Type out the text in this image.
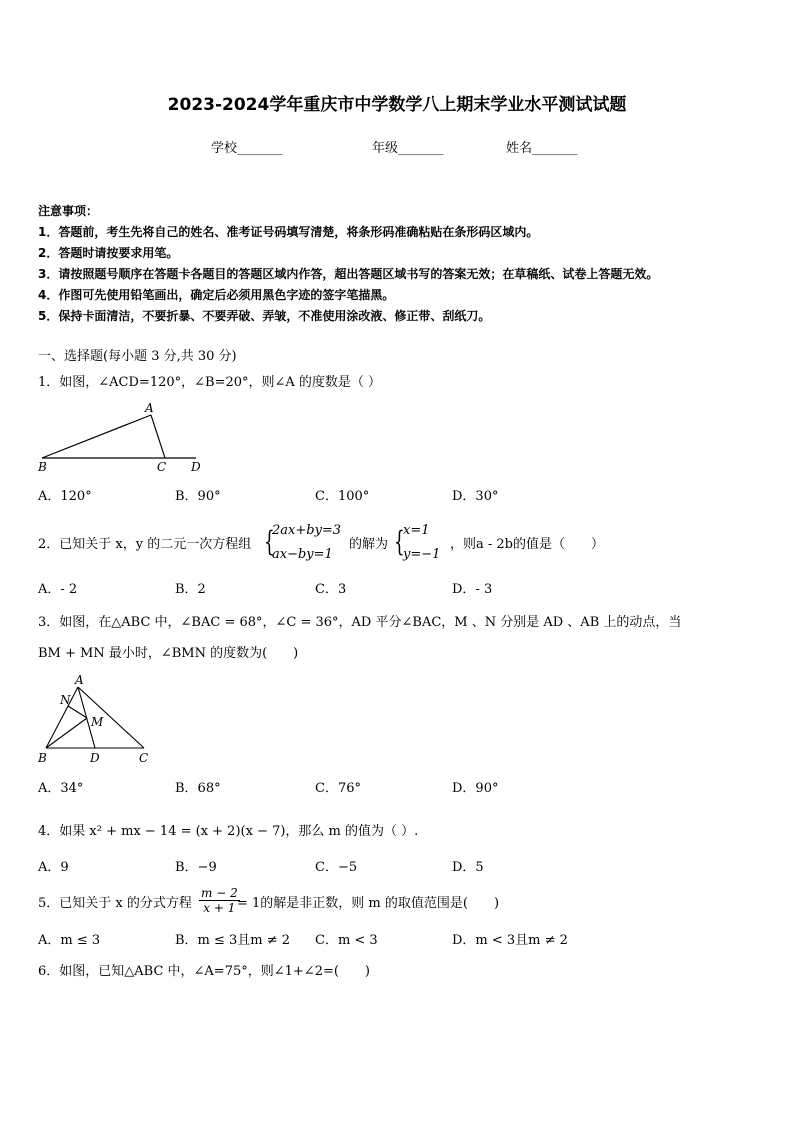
2023-2024学年重庆市中学数学八上期末学业水平测试试题
学校_______	年级_______	姓名_______
注意事项：
1．答题前，考生先将自己的姓名、准考证号码填写清楚，将条形码准确粘贴在条形码区域内。
2．答题时请按要求用笔。
3．请按照题号顺序在答题卡各题目的答题区域内作答，超出答题区域书写的答案无效；在草稿纸、试卷上答题无效。
4．作图可先使用铅笔画出，确定后必须用黑色字迹的签字笔描黑。
5．保持卡面清洁，不要折暴、不要弄破、弄皱，不准使用涂改液、修正带、刮纸刀。
一、选择题(每小题 3 分,共 30 分)
1．如图，∠ACD=120°，∠B=20°，则∠A 的度数是（ ）
A
B	C D
A．120°	B．90°	C．100°	D．30°
2．已知关于 x，y 的二元一次方程组 {
2ax+by=3
ax−by=1
的解为 {
x=1
y=−1
，则a - 2b的值是（　　）
A．- 2	B．2	C．3	D．- 3
3．如图，在△ABC 中，∠BAC = 68°，∠C = 36°，AD 平分∠BAC，M 、N 分别是 AD 、AB 上的动点，当
BM + MN 最小时，∠BMN 的度数为(　　)
A
N
M
B	D	C
A．34°	B．68°	C．76°	D．90°
4．如果 x² + mx − 14 = (x + 2)(x − 7)，那么 m 的值为（ ）.
A．9	B．−9	C．−5	D．5
5．已知关于 x 的分式方程 $\frac{m - 2}{x + 1}$
= 1的解是非正数，则 m 的取值范围是(　　)
A．m ≤ 3	B．m ≤ 3且m ≠ 2 C．m < 3	D．m < 3且m ≠ 2
6．如图，已知△ABC 中，∠A=75°，则∠1+∠2=(　　)
